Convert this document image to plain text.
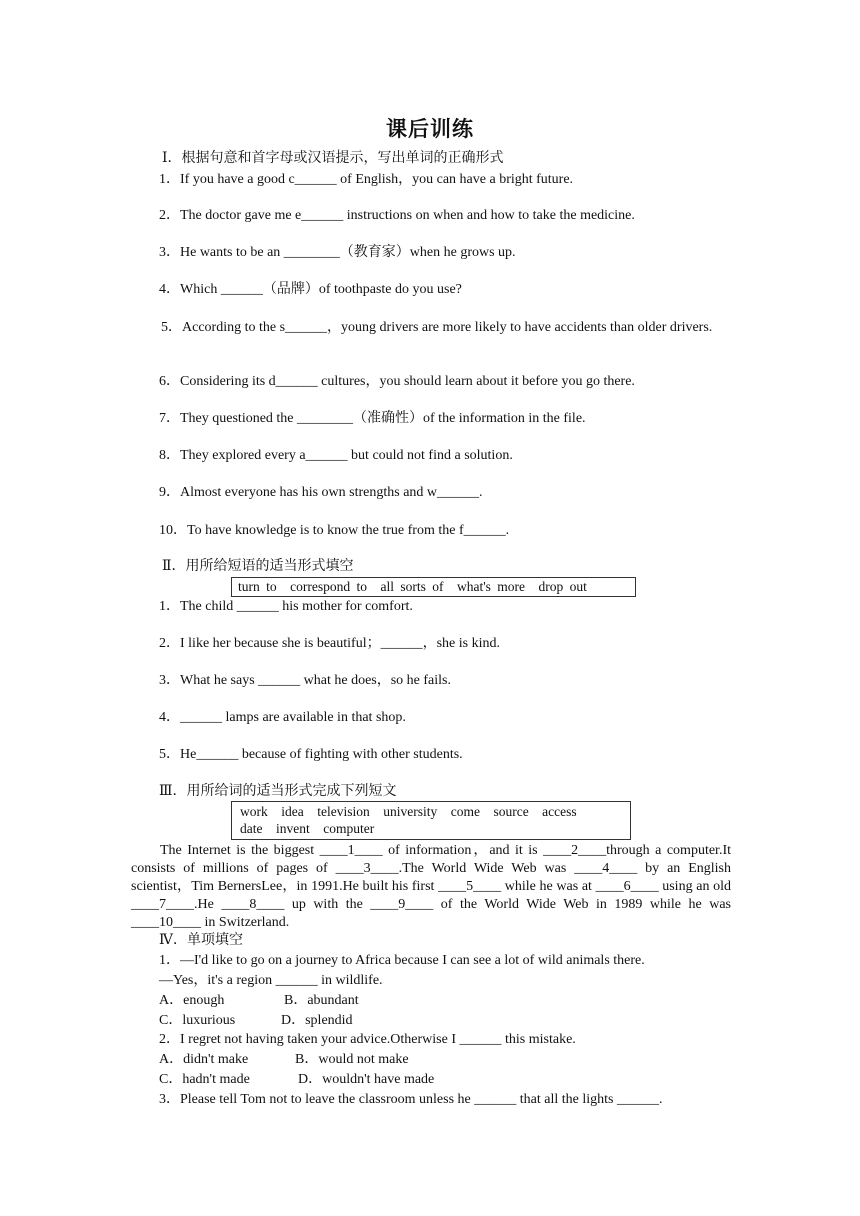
课后训练
Ⅰ．根据句意和首字母或汉语提示，写出单词的正确形式
1．If you have a good c______ of English，you can have a bright future.
2．The doctor gave me e______ instructions on when and how to take the medicine.
3．He wants to be an ________（教育家）when he grows up.
4．Which ______（品牌）of toothpaste do you use?
5．According to the s______，young drivers are more likely to have accidents than older drivers.
6．Considering its d______ cultures，you should learn about it before you go there.
7．They questioned the ________（准确性）of the information in the file.
8．They explored every a______ but could not find a solution.
9．Almost everyone has his own strengths and w______.
10．To have knowledge is to know the true from the f______.
Ⅱ．用所给短语的适当形式填空
turn to　correspond to　all sorts of　what's more　drop out
1．The child ______ his mother for comfort.
2．I like her because she is beautiful；______，she is kind.
3．What he says ______ what he does，so he fails.
4．______ lamps are available in that shop.
5．He______ because of fighting with other students.
Ⅲ．用所给词的适当形式完成下列短文
work　idea　television　university　come　source　access
date　invent　computer
The Internet is the biggest ____1____ of information，and it is ____2____through a computer.It consists of millions of pages of ____3____.The World Wide Web was ____4____ by an English scientist，Tim BernersLee，in 1991.He built his first ____5____ while he was at ____6____ using an old ____7____.He ____8____ up with the ____9____ of the World Wide Web in 1989 while he was ____10____ in Switzerland.
Ⅳ．单项填空
1．—I'd like to go on a journey to Africa because I can see a lot of wild animals there.
—Yes，it's a region ______ in wildlife.
A．enough	B．abundant
C．luxurious	D．splendid
2．I regret not having taken your advice.Otherwise I ______ this mistake.
A．didn't make	B．would not make
C．hadn't made	D．wouldn't have made
3．Please tell Tom not to leave the classroom unless he ______ that all the lights ______.
